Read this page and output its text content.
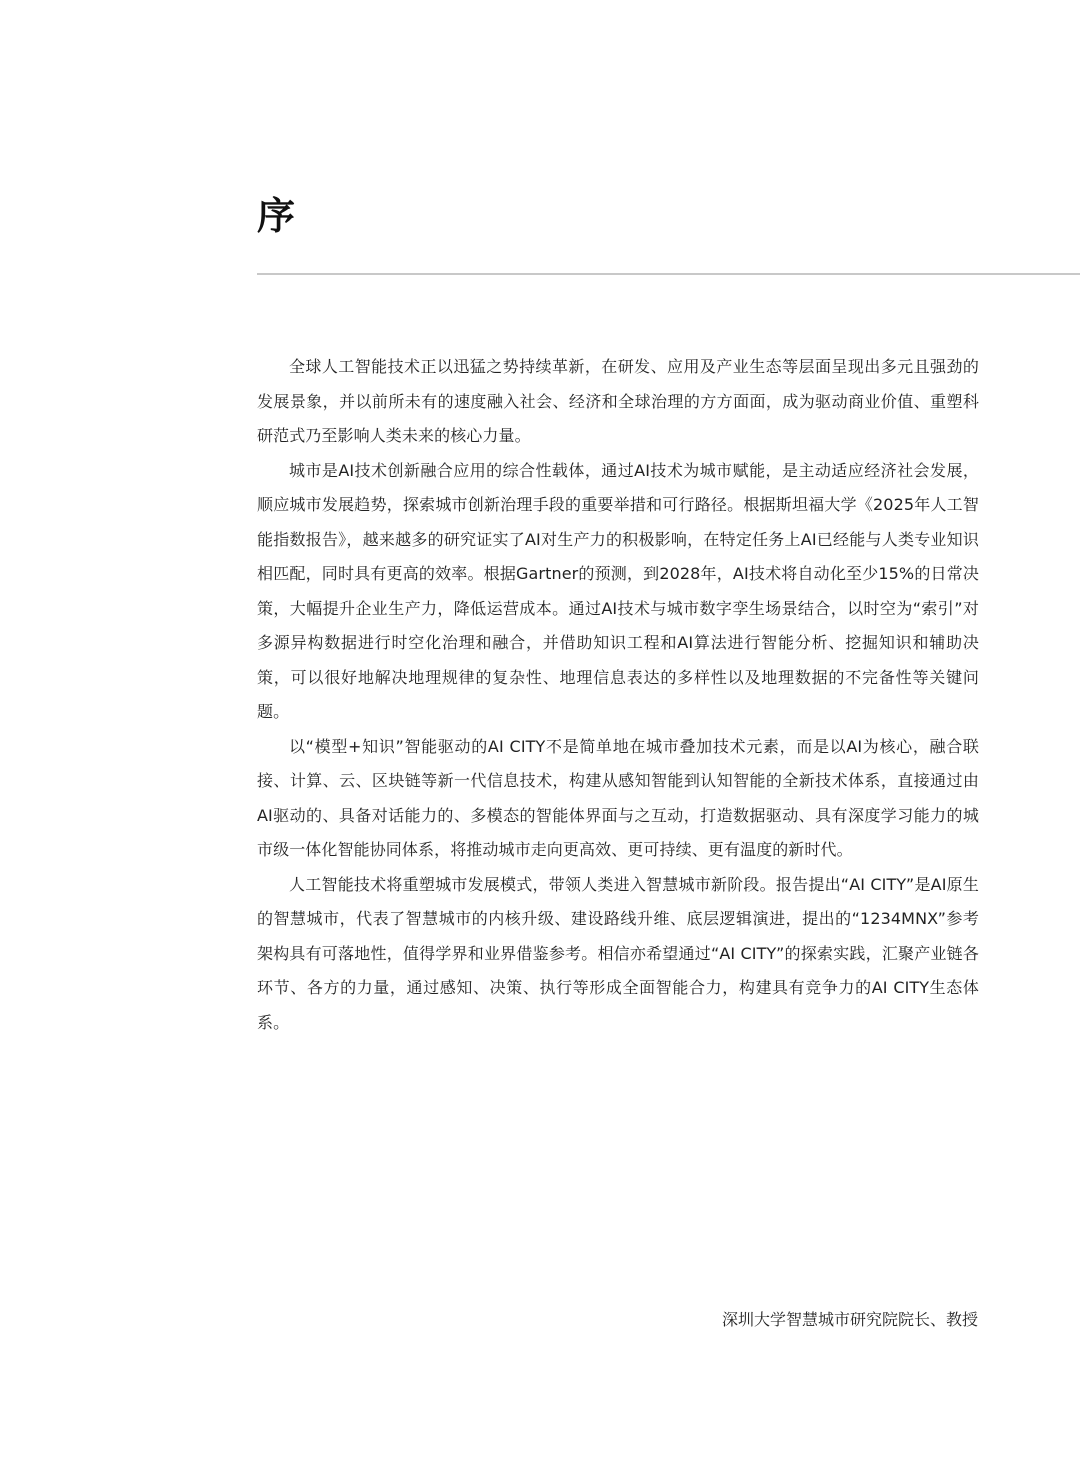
序

全球人工智能技术正以迅猛之势持续革新，在研发、应用及产业生态等层面呈现出多元且强劲的发展景象，并以前所未有的速度融入社会、经济和全球治理的方方面面，成为驱动商业价值、重塑科研范式乃至影响人类未来的核心力量。

城市是AI技术创新融合应用的综合性载体，通过AI技术为城市赋能，是主动适应经济社会发展，顺应城市发展趋势，探索城市创新治理手段的重要举措和可行路径。根据斯坦福大学《2025年人工智能指数报告》，越来越多的研究证实了AI对生产力的积极影响，在特定任务上AI已经能与人类专业知识相匹配，同时具有更高的效率。根据Gartner的预测，到2028年，AI技术将自动化至少15%的日常决策，大幅提升企业生产力，降低运营成本。通过AI技术与城市数字孪生场景结合，以时空为“索引”对多源异构数据进行时空化治理和融合，并借助知识工程和AI算法进行智能分析、挖掘知识和辅助决策，可以很好地解决地理规律的复杂性、地理信息表达的多样性以及地理数据的不完备性等关键问题。

以“模型+知识”智能驱动的AI CITY不是简单地在城市叠加技术元素，而是以AI为核心，融合联接、计算、云、区块链等新一代信息技术，构建从感知智能到认知智能的全新技术体系，直接通过由AI驱动的、具备对话能力的、多模态的智能体界面与之互动，打造数据驱动、具有深度学习能力的城市级一体化智能协同体系，将推动城市走向更高效、更可持续、更有温度的新时代。

人工智能技术将重塑城市发展模式，带领人类进入智慧城市新阶段。报告提出“AI CITY”是AI原生的智慧城市，代表了智慧城市的内核升级、建设路线升维、底层逻辑演进，提出的“1234MNX”参考架构具有可落地性，值得学界和业界借鉴参考。相信亦希望通过“AI CITY”的探索实践，汇聚产业链各环节、各方的力量，通过感知、决策、执行等形成全面智能合力，构建具有竞争力的AI CITY生态体系。

深圳大学智慧城市研究院院长、教授
